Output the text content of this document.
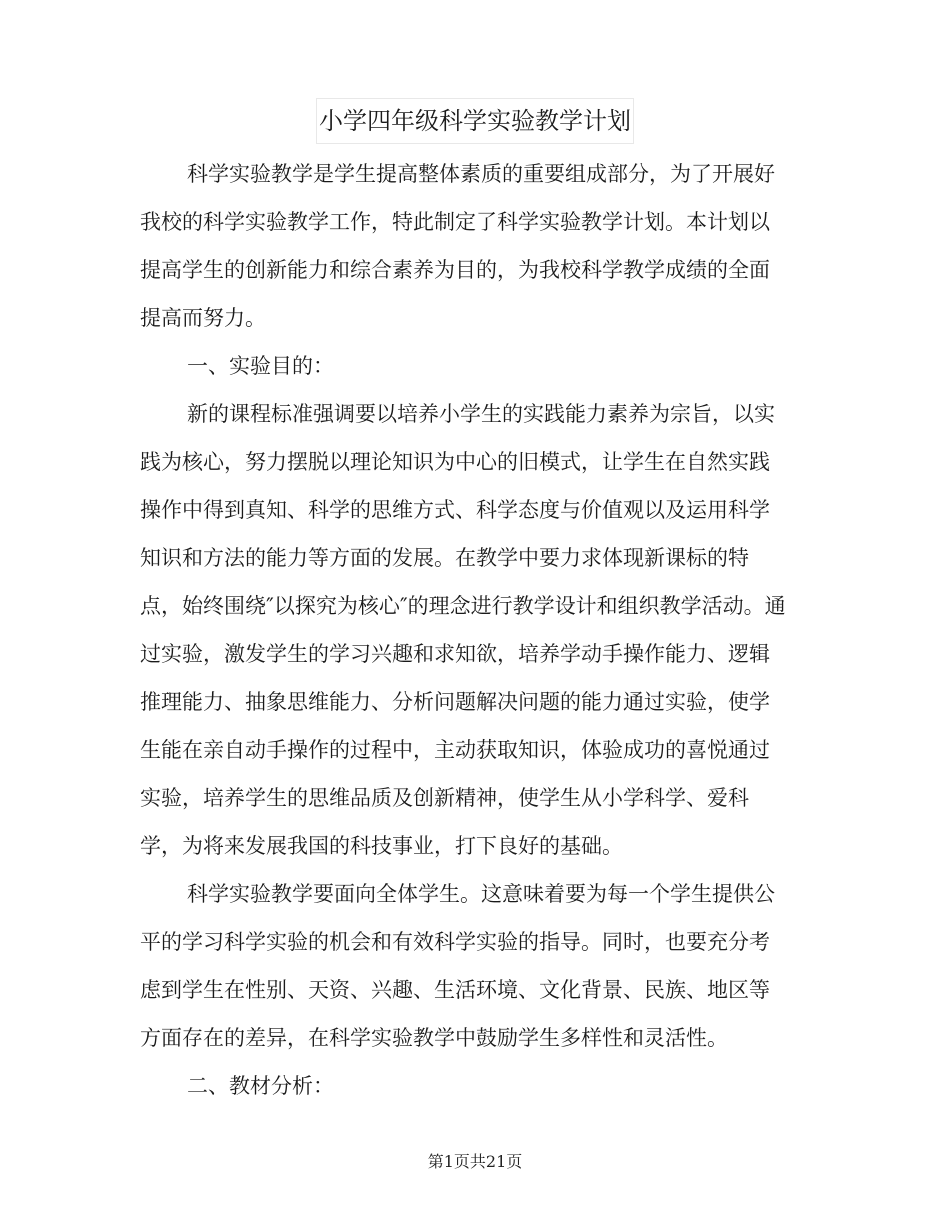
小学四年级科学实验教学计划
科学实验教学是学生提高整体素质的重要组成部分，为了开展好
我校的科学实验教学工作，特此制定了科学实验教学计划。本计划以
提高学生的创新能力和综合素养为目的，为我校科学教学成绩的全面
提高而努力。
一、实验目的：
新的课程标准强调要以培养小学生的实践能力素养为宗旨，以实
践为核心，努力摆脱以理论知识为中心的旧模式，让学生在自然实践
操作中得到真知、科学的思维方式、科学态度与价值观以及运用科学
知识和方法的能力等方面的发展。在教学中要力求体现新课标的特
点，始终围绕″以探究为核心″的理念进行教学设计和组织教学活动。通
过实验，激发学生的学习兴趣和求知欲，培养学动手操作能力、逻辑
推理能力、抽象思维能力、分析问题解决问题的能力通过实验，使学
生能在亲自动手操作的过程中，主动获取知识，体验成功的喜悦通过
实验，培养学生的思维品质及创新精神，使学生从小学科学、爱科
学，为将来发展我国的科技事业，打下良好的基础。
科学实验教学要面向全体学生。这意味着要为每一个学生提供公
平的学习科学实验的机会和有效科学实验的指导。同时，也要充分考
虑到学生在性别、天资、兴趣、生活环境、文化背景、民族、地区等
方面存在的差异，在科学实验教学中鼓励学生多样性和灵活性。
二、教材分析：
第1页共21页
